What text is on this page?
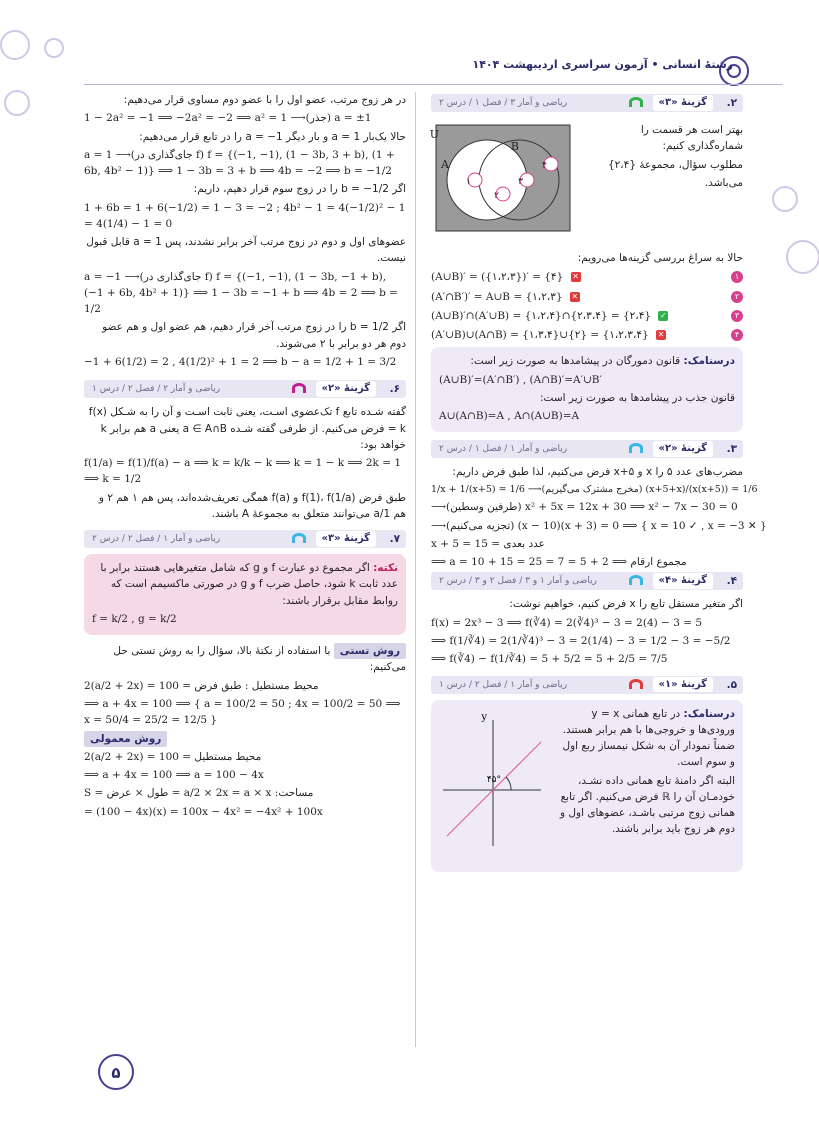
رشتهٔ انسانی • آزمون سراسری اردیبهشت ۱۴۰۴
۲.
گزینهٔ «۳»
ریاضی و آمار ۳ / فصل ۱ / درس ۲

بهتر است هر قسمت را شماره‌گذاری کنیم:

مطلوب سؤال، مجموعهٔ {۲،۴}

می‌باشد.

U
A
B
۱
۲
۳
۴

حالا به سراغ بررسی گزینه‌ها می‌رویم:

۱
(A∪B)′ = ({۱،۲،۳})′ = {۴} ✕
۲
(A′∩B′)′ = A∪B = {۱،۲،۳} ✕
۳
(A∪B)′∩(A′∪B) = {۱،۲،۴}∩{۲،۳،۴} = {۲،۴} ✓
۴
(A′∪B)∪(A∩B) = {۱،۳،۴}∪{۲} = {۱،۲،۳،۴} ✕

درسنامک: قانون دمورگان در پیشامدها به صورت زیر است:

(A∪B)′=(A′∩B′) , (A∩B)′=A′∪B′

قانون جذب در پیشامدها به صورت زیر است:

A∪(A∩B)=A , A∩(A∪B)=A
۳.
گزینهٔ «۲»
ریاضی و آمار ۱ / فصل ۱ / درس ۲

مضرب‌های عدد ۵ را x و x+۵ فرض می‌کنیم، لذا طبق فرض داریم:

1/x + 1/(x+5) = 1/6 ⟶(مخرج مشترک می‌گیریم) (x+5+x)/(x(x+5)) = 1/6
⟶(طرفین وسطین) x² + 5x = 12x + 30 ⟹ x² − 7x − 30 = 0
⟶(تجزیه می‌کنیم) (x − 10)(x + 3) = 0 ⟹ { x = 10 ✓ , x = −3 ✕ }
x + 5 = 15 = عدد بعدی
⟹ a = 10 + 15 = 25 = مجموع ارقام ⟹ 2 + 5 = 7
۴.
گزینهٔ «۴»
ریاضی و آمار ۱ و ۳ / فصل ۲ و ۳ / درس ۲

اگر متغیر مستقل تابع را x فرض کنیم، خواهیم نوشت:

f(x) = 2x³ − 3 ⟹ f(∛4) = 2(∛4)³ − 3 = 2(4) − 3 = 5
⟹ f(1/∛4) = 2(1/∛4)³ − 3 = 2(1/4) − 3 = 1/2 − 3 = −5/2
⟹ f(∛4) − f(1/∛4) = 5 + 5/2 = 5 + 2/5 = 7/5
۵.
گزینهٔ «۱»
ریاضی و آمار ۱ / فصل ۲ / درس ۱

درسنامک: در تابع همانی y = x ورودی‌ها و خروجی‌ها با هم برابر هستند. ضمناً نمودار آن به شکل نیمساز ربع اول و سوم است.

البته اگر دامنهٔ تابع همانی داده نشـد، خودمـان آن را ℝ فرض می‌کنیم. اگر تابع همانی زوج مرتبی باشـد، عضوهای اول و دوم هر زوج باید برابر باشند.

y
۴۵°

در هر زوج مرتب، عضو اول را با عضو دوم مساوی قرار می‌دهیم:

1 − 2a² = −1 ⟹ −2a² = −2 ⟹ a² = 1 ⟶(جذر) a = ±1

حالا یک‌بار a = 1 و بار دیگر a = −1 را در تابع قرار می‌دهیم:

a = 1 ⟶(جای‌گذاری در f) f = {(−1, −1), (1 − 3b, 3 + b), (1 + 6b, 4b² − 1)} ⟹ 1 − 3b = 3 + b ⟹ 4b = −2 ⟹ b = −1/2

اگر b = −1/2 را در زوج سوم قرار دهیم، داریم:

1 + 6b = 1 + 6(−1/2) = 1 − 3 = −2 ; 4b² − 1 = 4(−1/2)² − 1 = 4(1/4) − 1 = 0

عضوهای اول و دوم در زوج مرتب آخر برابر نشدند، پس a = 1 قابل قبول نیست.

a = −1 ⟶(جای‌گذاری در f) f = {(−1, −1), (1 − 3b, −1 + b), (−1 + 6b, 4b² + 1)} ⟹ 1 − 3b = −1 + b ⟹ 4b = 2 ⟹ b = 1/2

اگر b = 1/2 را در زوج مرتب آخر قرار دهیم، هم عضو اول و هم عضو دوم هر دو برابر با ۲ می‌شوند.

−1 + 6(1/2) = 2 , 4(1/2)² + 1 = 2 ⟹ b − a = 1/2 + 1 = 3/2
۶.
گزینهٔ «۲»
ریاضی و آمار ۲ / فصل ۲ / درس ۱

گفته شـده تابع f تک‌عضوی اسـت، یعنی ثابت اسـت و آن را به شـکل f(x) = k فرض می‌کنیم. از طرفی گفته شـده a ∈ A∩B یعنی a هم برابر k خواهد بود:

f(1/a) = f(1)/f(a) − a ⟹ k = k/k − k ⟹ k = 1 − k ⟹ 2k = 1 ⟹ k = 1/2

طبق فرض f(1)، f(1/a) و f(a) همگی تعریف‌شده‌اند، پس هم ۱ هم ۲ و هم 1/a می‌توانند متعلق به مجموعهٔ A باشند.

۷.
گزینهٔ «۳»
ریاضی و آمار ۱ / فصل ۲ / درس ۲

نکته: اگر مجموع دو عبارت f و g که شامل متغیرهایی هستند برابر با عدد ثابت k شود، حاصل ضرب f و g در صورتی ماکسیمم است که روابط مقابل برقرار باشند:

f = k/2 , g = k/2

روش تستی با استفاده از نکتهٔ بالا، سؤال را به روش تستی حل می‌کنیم:

2(a/2 + 2x) = 100 = محیط مستطیل : طبق فرض
⟹ a + 4x = 100 ⟹ { a = 100/2 = 50 ; 4x = 100/2 = 50 ⟹ x = 50/4 = 25/2 = 12/5 }

روش معمولی

2(a/2 + 2x) = 100 = محیط مستطیل
⟹ a + 4x = 100 ⟹ a = 100 − 4x
S = طول × عرض = a/2 × 2x = a × x :مساحت
= (100 − 4x)(x) = 100x − 4x² = −4x² + 100x
۵
